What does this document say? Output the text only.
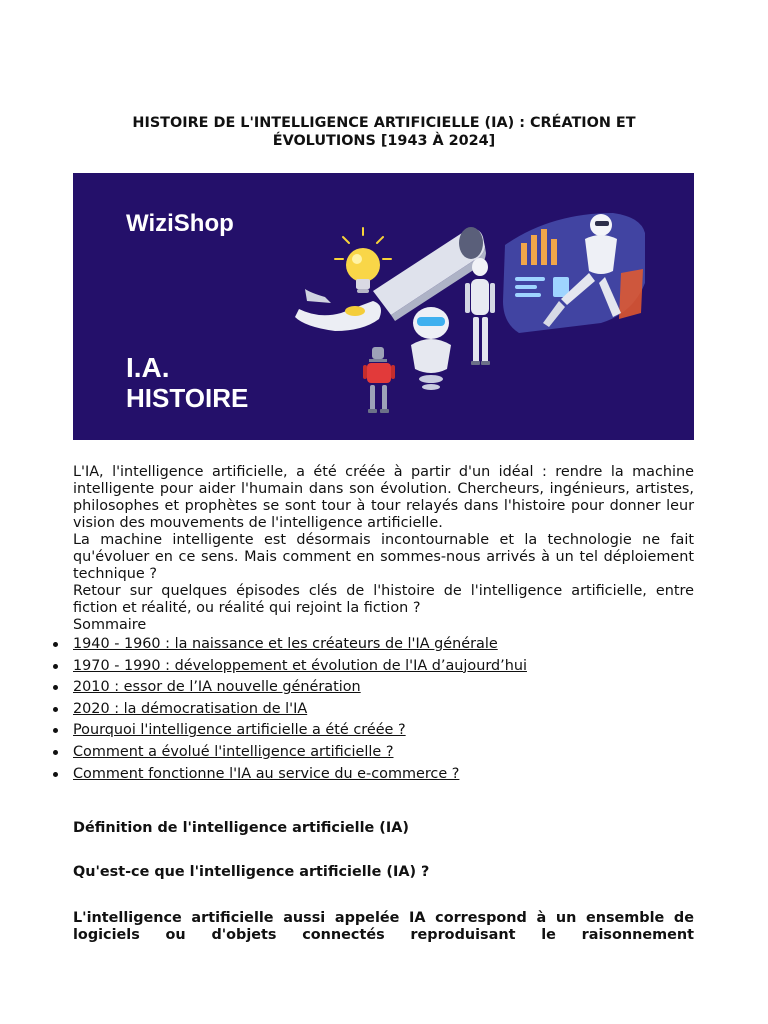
HISTOIRE DE L'INTELLIGENCE ARTIFICIELLE (IA) : CRÉATION ET ÉVOLUTIONS [1943 À 2024]
WiziShop
I.A.
HISTOIRE

L'IA, l'intelligence artificielle, a été créée à partir d'un idéal : rendre la machine intelligente pour aider l'humain dans son évolution. Chercheurs, ingénieurs, artistes, philosophes et prophètes se sont tour à tour relayés dans l'histoire pour donner leur vision des mouvements de l'intelligence artificielle.

La machine intelligente est désormais incontournable et la technologie ne fait qu'évoluer en ce sens. Mais comment en sommes-nous arrivés à un tel déploiement technique ?

Retour sur quelques épisodes clés de l'histoire de l'intelligence artificielle, entre fiction et réalité, ou réalité qui rejoint la fiction ?

Sommaire

1940 - 1960 : la naissance et les créateurs de l'IA générale
1970 - 1990 : développement et évolution de l'IA d’aujourd’hui
2010 : essor de l’IA nouvelle génération
2020 : la démocratisation de l'IA
Pourquoi l'intelligence artificielle a été créée ?
Comment a évolué l'intelligence artificielle ?
Comment fonctionne l'IA au service du e-commerce ?
Définition de l'intelligence artificielle (IA)
Qu'est-ce que l'intelligence artificielle (IA) ?

L'intelligence artificielle aussi appelée IA correspond à un ensemble de logiciels ou d'objets connectés reproduisant le raisonnement
